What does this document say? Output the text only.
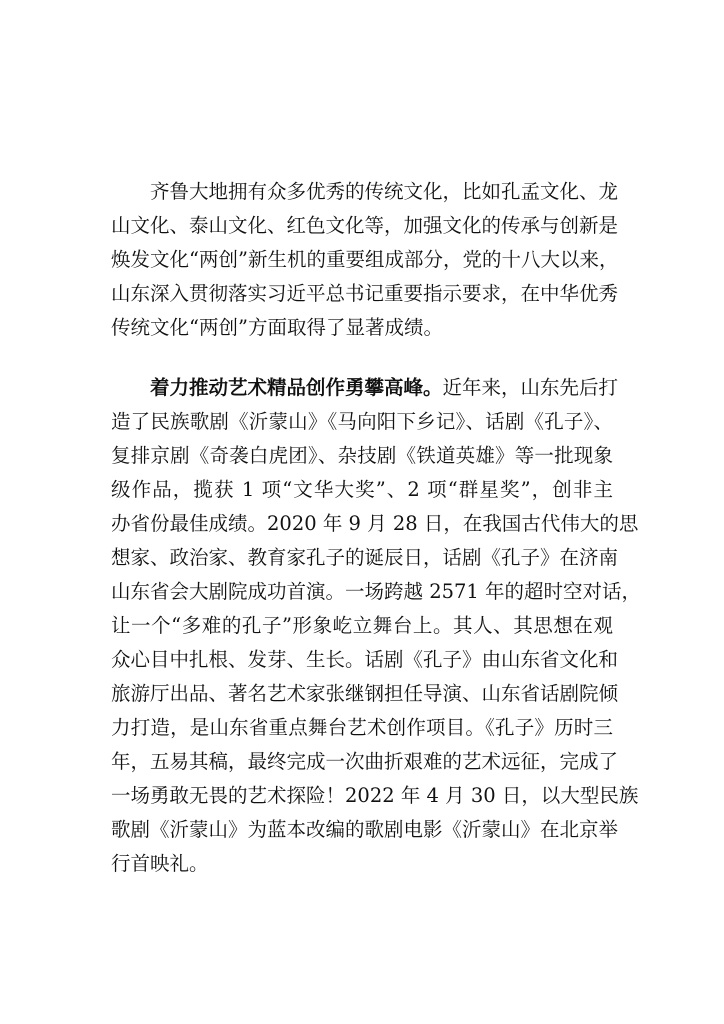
齐鲁大地拥有众多优秀的传统文化，比如孔孟文化、龙
山文化、泰山文化、红色文化等，加强文化的传承与创新是
焕发文化“两创”新生机的重要组成部分，党的十八大以来，
山东深入贯彻落实习近平总书记重要指示要求，在中华优秀
传统文化“两创”方面取得了显著成绩。
着力推动艺术精品创作勇攀高峰。近年来，山东先后打
造了民族歌剧《沂蒙山》《马向阳下乡记》、话剧《孔子》、
复排京剧《奇袭白虎团》、杂技剧《铁道英雄》等一批现象
级作品，揽获 1 项“文华大奖”、2 项“群星奖”，创非主
办省份最佳成绩。2020 年 9 月 28 日，在我国古代伟大的思
想家、政治家、教育家孔子的诞辰日，话剧《孔子》在济南
山东省会大剧院成功首演。一场跨越 2571 年的超时空对话，
让一个“多难的孔子”形象屹立舞台上。其人、其思想在观
众心目中扎根、发芽、生长。话剧《孔子》由山东省文化和
旅游厅出品、著名艺术家张继钢担任导演、山东省话剧院倾
力打造，是山东省重点舞台艺术创作项目。《孔子》历时三
年，五易其稿，最终完成一次曲折艰难的艺术远征，完成了
一场勇敢无畏的艺术探险！2022 年 4 月 30 日，以大型民族
歌剧《沂蒙山》为蓝本改编的歌剧电影《沂蒙山》在北京举
行首映礼。
